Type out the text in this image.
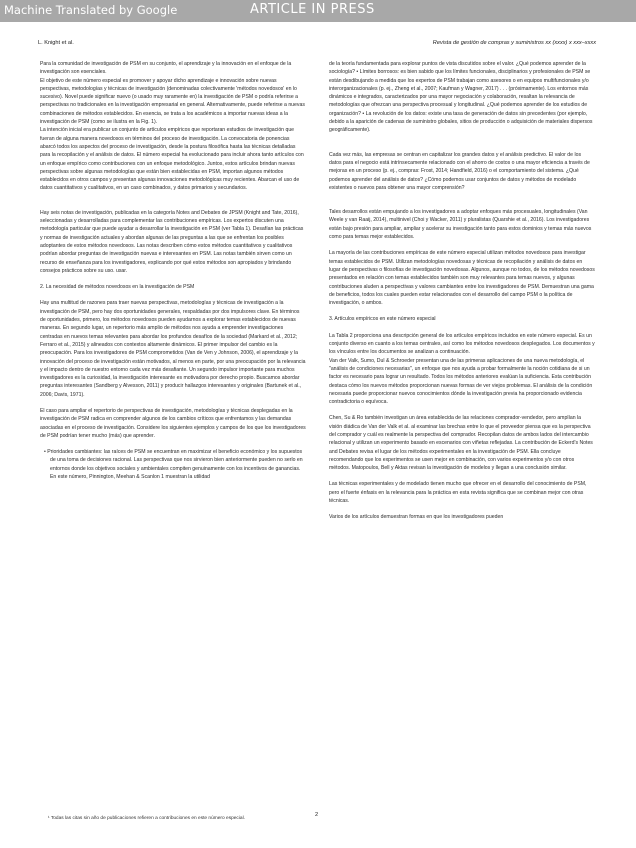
Machine Translated by Google	ARTICLE IN PRESS
L. Knight et al.	Revista de gestión de compras y suministros xx (xxxx) x xxx–xxxx

Para la comunidad de investigación de PSM en su conjunto, el aprendizaje y la innovación en el enfoque de la investigación son esenciales.

El objetivo de este número especial es promover y apoyar dicho aprendizaje e innovación sobre nuevas perspectivas, metodologías y técnicas de investigación (denominadas colectivamente 'métodos novedosos' en lo sucesivo). Novel puede significar nuevo (o usado muy raramente en) la investigación de PSM o podría referirse a perspectivas no tradicionales en la investigación empresarial en general. Alternativamente, puede referirse a nuevas combinaciones de métodos establecidos. En esencia, se trata a los académicos a importar nuevas ideas a la investigación de PSM (como se ilustra en la Fig. 1).

La intención inicial era publicar un conjunto de artículos empíricos que reportaran estudios de investigación que fueran de alguna manera novedosos en términos del proceso de investigación. La convocatoria de ponencias abarcó todos los aspectos del proceso de investigación, desde la postura filosófica hasta las técnicas detalladas para la recopilación y el análisis de datos. El número especial ha evolucionado para incluir ahora tanto artículos con un enfoque empírico como contribuciones con un enfoque metodológico. Juntos, estos artículos brindan nuevas perspectivas sobre algunas metodologías que están bien establecidas en PSM, importan algunos métodos establecidos en otros campos y presentan algunas innovaciones metodológicas muy recientes. Abarcan el uso de datos cuantitativos y cualitativos, en un caso combinados, y datos primarios y secundarios.

Hay seis notas de investigación, publicadas en la categoría Notes and Debates de JPSM (Knight and Tate, 2016), seleccionadas y desarrolladas para complementar las contribuciones empíricas. Los expertos discuten una metodología particular que puede ayudar a desarrollar la investigación en PSM (ver Tabla 1). Desafían las prácticas y normas de investigación actuales y abordan algunas de las preguntas a las que se enfrentan los posibles adoptantes de estos métodos novedosos. Las notas describen cómo estos métodos cuantitativos y cualitativos podrían abordar preguntas de investigación nuevas e interesantes en PSM. Las notas también sirven como un recurso de enseñanza para los investigadores, explicando por qué estos métodos son apropiados y brindando consejos prácticos sobre su uso. usar.

2. La necesidad de métodos novedosos en la investigación de PSM

Hay una multitud de razones para traer nuevas perspectivas, metodologías y técnicas de investigación a la investigación de PSM, pero hay dos oportunidades generales, respaldadas por dos impulsores clave. En términos de oportunidades, primero, los métodos novedosos pueden ayudarnos a explorar temas establecidos de nuevas maneras. En segundo lugar, un repertorio más amplio de métodos nos ayuda a emprender investigaciones centradas en nuevos temas relevantes para abordar los profundos desafíos de la sociedad (Markard et al., 2012; Ferraro et al., 2015) y alineados con contextos altamente dinámicos. El primer impulsor del cambio es la preocupación. Para los investigadores de PSM comprometidos (Van de Ven y Johnson, 2006), el aprendizaje y la innovación del proceso de investigación están motivados, al menos en parte, por una preocupación por la relevancia y el impacto dentro de nuestro entorno cada vez más desafiante. Un segundo impulsor importante para muchos investigadores es la curiosidad, la investigación interesante es motivadora por derecho propio. Buscamos abordar preguntas interesantes (Sandberg y Alvesson, 2011) y producir hallazgos interesantes y originales (Bartunek et al., 2006; Davis, 1971).

El caso para ampliar el repertorio de perspectivas de investigación, metodologías y técnicas desplegadas en la investigación de PSM radica en comprender algunos de los cambios críticos que enfrentamos y las demandas asociadas en el proceso de investigación. Considere los siguientes ejemplos y campos de los que los investigadores de PSM podrían tener mucho (más) que aprender.

• Prioridades cambiantes: las raíces de PSM se encuentran en maximizar el beneficio económico y los supuestos de una toma de decisiones racional. Las perspectivas que nos sirvieron bien anteriormente pueden no serlo en entornos donde los objetivos sociales y ambientales compiten genuinamente con los incentivos de ganancias. En este número, Pinnington, Meehan & Scanlon 1 muestran la utilidad

de la teoría fundamentada para explorar puntos de vista discutidos sobre el valor. ¿Qué podemos aprender de la sociología? • Límites borrosos: es bien sabido que los límites funcionales, disciplinarios y profesionales de PSM se están desdibujando a medida que los expertos de PSM trabajan como asesores o en equipos multifuncionales y/o interorganizacionales (p. ej., Zheng et al., 2007; Kaufman y Wagner, 2017) . . . (próximamente). Los entornos más dinámicos e integrados, caracterizados por una mayor negociación y colaboración, resaltan la relevancia de metodologías que ofrezcan una perspectiva procesual y longitudinal. ¿Qué podemos aprender de los estudios de organización? • La revolución de los datos: existe una tasa de generación de datos sin precedentes (por ejemplo, debido a la aparición de cadenas de suministro globales, sitios de producción o adquisición de materiales dispersos geográficamente).

Cada vez más, las empresas se centran en capitalizar los grandes datos y el análisis predictivo. El valor de los datos para el negocio está intrínsecamente relacionado con el ahorro de costos o una mayor eficiencia a través de mejoras en un proceso (p. ej., compras: Frost, 2014; Handfield, 2016) o el comportamiento del sistema. ¿Qué podemos aprender del análisis de datos? ¿Cómo podemos usar conjuntos de datos y métodos de modelado existentes o nuevos para obtener una mayor comprensión?

Tales desarrollos están empujando a los investigadores a adoptar enfoques más procesuales, longitudinales (Van Weele y van Raaij, 2014), multinivel (Choi y Wacker, 2011) y pluralistas (Quarshie et al., 2016). Los investigadores están bajo presión para ampliar, ampliar y acelerar su investigación tanto para estos dominios y temas más nuevos como para temas mejor establecidos.

La mayoría de las contribuciones empíricas de este número especial utilizan métodos novedosos para investigar temas establecidos de PSM. Utilizan metodologías novedosas y técnicas de recopilación y análisis de datos en lugar de perspectivas o filosofías de investigación novedosas. Algunos, aunque no todos, de los métodos novedosos presentados en relación con temas establecidos también son muy relevantes para temas nuevos, y algunas contribuciones aluden a perspectivas y valores cambiantes entre los investigadores de PSM. Demuestran una gama de beneficios, todos los cuales pueden estar relacionados con el desarrollo del campo PSM o la política de investigación, o ambos.

3. Artículos empíricos en este número especial

La Tabla 2 proporciona una descripción general de los artículos empíricos incluidos en este número especial. Es un conjunto diverso en cuanto a los temas centrales, así como los métodos novedosos desplegados. Los documentos y los vínculos entre los documentos se analizan a continuación.

Van der Valk, Sumo, Dul & Schroeder presentan una de las primeras aplicaciones de una nueva metodología, el "análisis de condiciones necesarias", un enfoque que nos ayuda a probar formalmente la noción cotidiana de si un factor es necesario para lograr un resultado. Todos los métodos anteriores evalúan la suficiencia. Esta contribución destaca cómo los nuevos métodos proporcionan nuevas formas de ver viejos problemas. El análisis de la condición necesaria puede proporcionar nuevos conocimientos dónde la investigación previa ha proporcionado evidencia contradictoria o equívoca.

Chen, Su & Ro también investigan un área establecida de las relaciones comprador-vendedor, pero amplían la visión diádica de Van der Valk et al. al examinar las brechas entre lo que el proveedor piensa que es la perspectiva del comprador y cuál es realmente la perspectiva del comprador. Recopilan datos de ambos lados del intercambio relacional y utilizan un experimento basado en escenarios con viñetas reflejadas. La contribución de Eckerd's Notes and Debates revisa el lugar de los métodos experimentales en la investigación de PSM. Ella concluye recomendando que los experimentos se usen mejor en combinación, con varios experimentos y/o con otros métodos. Matopoulos, Bell y Aktas revisan la investigación de modelos y llegan a una conclusión similar.

Las técnicas experimentales y de modelado tienen mucho que ofrecer en el desarrollo del conocimiento de PSM, pero el fuerte énfasis en la relevancia para la práctica en esta revista significa que se combinan mejor con otras técnicas.

Varios de los artículos demuestran formas en que los investigadores pueden

¹ Todas las citas sin año de publicaciones refieren a contribuciones en este número especial.
2
